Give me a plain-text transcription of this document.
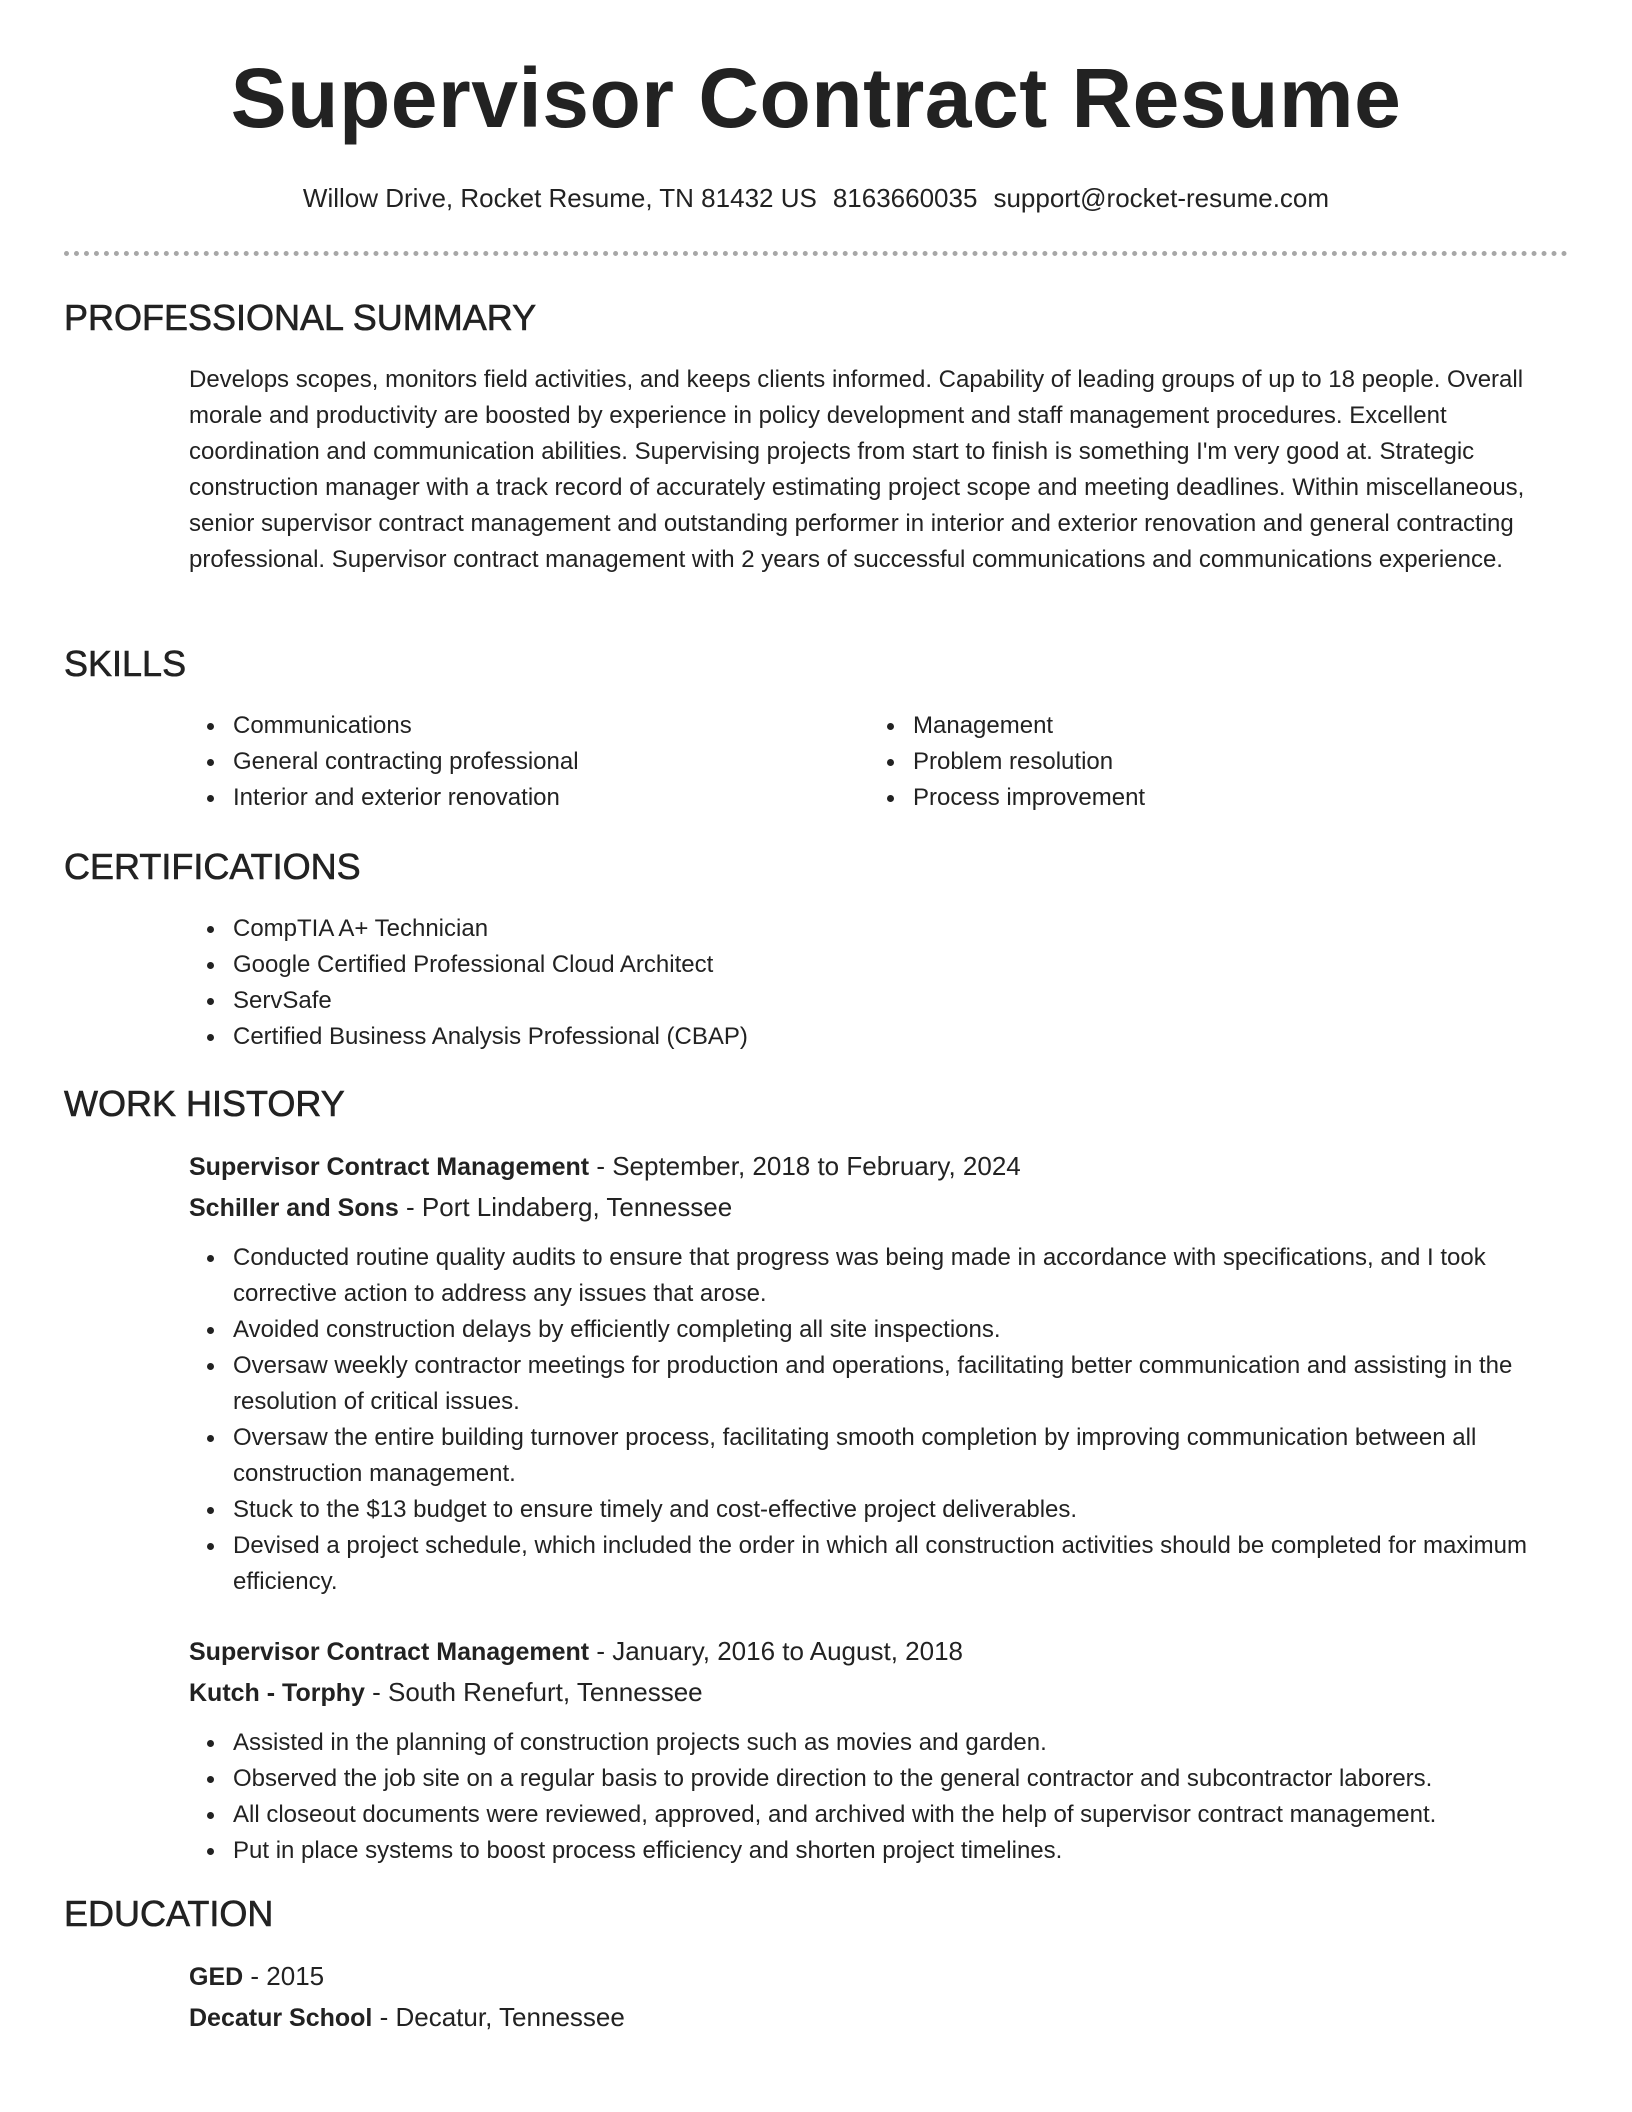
Supervisor Contract Resume
Willow Drive, Rocket Resume, TN 81432 US 8163660035 support@rocket-resume.com
PROFESSIONAL SUMMARY

Develops scopes, monitors field activities, and keeps clients informed. Capability of leading groups of up to 18 people. Overall morale and productivity are boosted by experience in policy development and staff management procedures. Excellent coordination and communication abilities. Supervising projects from start to finish is something I'm very good at. Strategic construction manager with a track record of accurately estimating project scope and meeting deadlines. Within miscellaneous, senior supervisor contract management and outstanding performer in interior and exterior renovation and general contracting professional. Supervisor contract management with 2 years of successful communications and communications experience.

SKILLS
Communications
General contracting professional
Interior and exterior renovation
Management
Problem resolution
Process improvement
CERTIFICATIONS
CompTIA A+ Technician
Google Certified Professional Cloud Architect
ServSafe
Certified Business Analysis Professional (CBAP)
WORK HISTORY
Supervisor Contract Management - September, 2018 to February, 2024
Schiller and Sons - Port Lindaberg, Tennessee
Conducted routine quality audits to ensure that progress was being made in accordance with specifications, and I took corrective action to address any issues that arose.
Avoided construction delays by efficiently completing all site inspections.
Oversaw weekly contractor meetings for production and operations, facilitating better communication and assisting in the resolution of critical issues.
Oversaw the entire building turnover process, facilitating smooth completion by improving communication between all construction management.
Stuck to the $13 budget to ensure timely and cost-effective project deliverables.
Devised a project schedule, which included the order in which all construction activities should be completed for maximum efficiency.
Supervisor Contract Management - January, 2016 to August, 2018
Kutch - Torphy - South Renefurt, Tennessee
Assisted in the planning of construction projects such as movies and garden.
Observed the job site on a regular basis to provide direction to the general contractor and subcontractor laborers.
All closeout documents were reviewed, approved, and archived with the help of supervisor contract management.
Put in place systems to boost process efficiency and shorten project timelines.
EDUCATION
GED - 2015
Decatur School - Decatur, Tennessee
